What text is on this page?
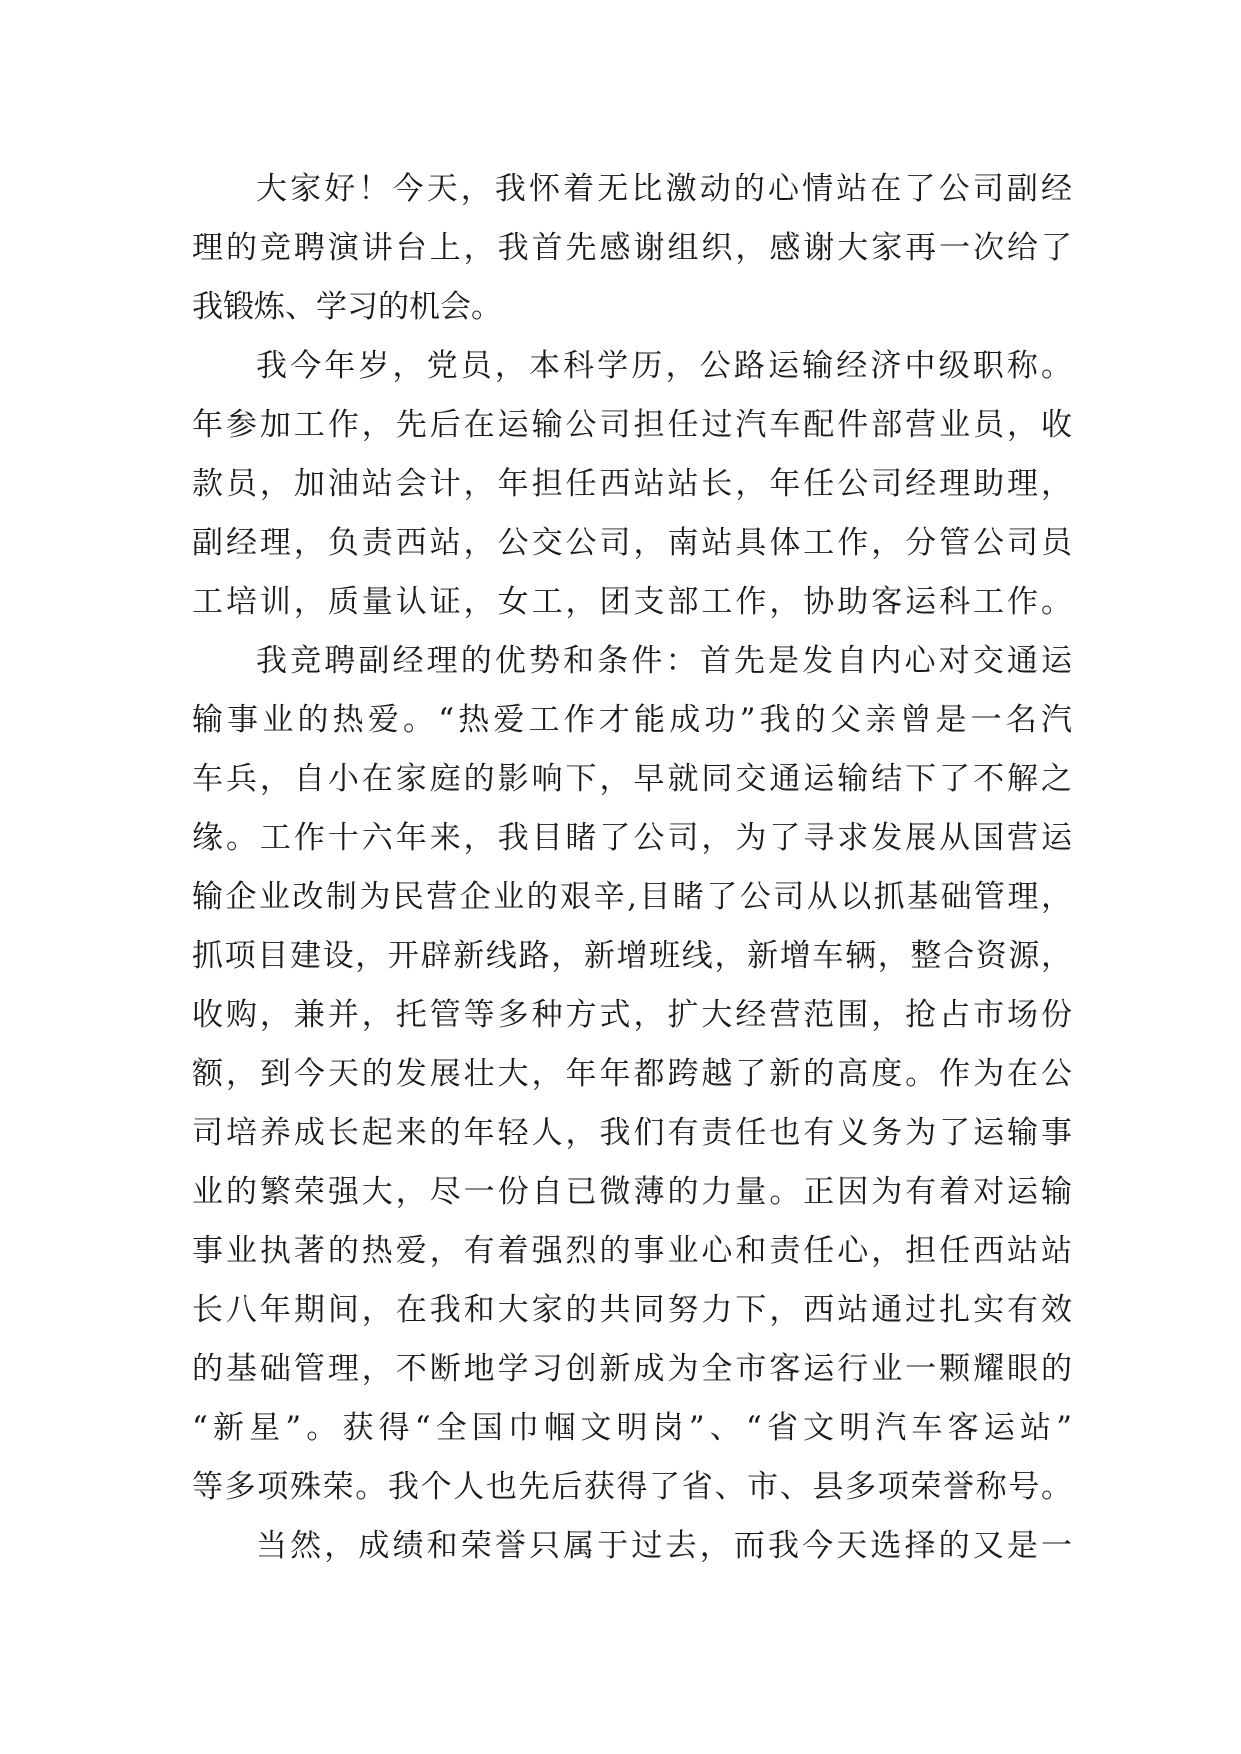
大家好！今天，我怀着无比激动的心情站在了公司副经
理的竞聘演讲台上，我首先感谢组织，感谢大家再一次给了
我锻炼、学习的机会。
我今年岁，党员，本科学历，公路运输经济中级职称。
年参加工作，先后在运输公司担任过汽车配件部营业员，收
款员，加油站会计，年担任西站站长，年任公司经理助理，
副经理，负责西站，公交公司，南站具体工作，分管公司员
工培训，质量认证，女工，团支部工作，协助客运科工作。
我竞聘副经理的优势和条件：首先是发自内心对交通运
输事业的热爱。“热爱工作才能成功”我的父亲曾是一名汽
车兵，自小在家庭的影响下，早就同交通运输结下了不解之
缘。工作十六年来，我目睹了公司，为了寻求发展从国营运
输企业改制为民营企业的艰辛,目睹了公司从以抓基础管理，
抓项目建设，开辟新线路，新增班线，新增车辆，整合资源，
收购，兼并，托管等多种方式，扩大经营范围，抢占市场份
额，到今天的发展壮大，年年都跨越了新的高度。作为在公
司培养成长起来的年轻人，我们有责任也有义务为了运输事
业的繁荣强大，尽一份自已微薄的力量。正因为有着对运输
事业执著的热爱，有着强烈的事业心和责任心，担任西站站
长八年期间，在我和大家的共同努力下，西站通过扎实有效
的基础管理，不断地学习创新成为全市客运行业一颗耀眼的
“新星”。获得“全国巾帼文明岗”、“省文明汽车客运站”
等多项殊荣。我个人也先后获得了省、市、县多项荣誉称号。
当然，成绩和荣誉只属于过去，而我今天选择的又是一
